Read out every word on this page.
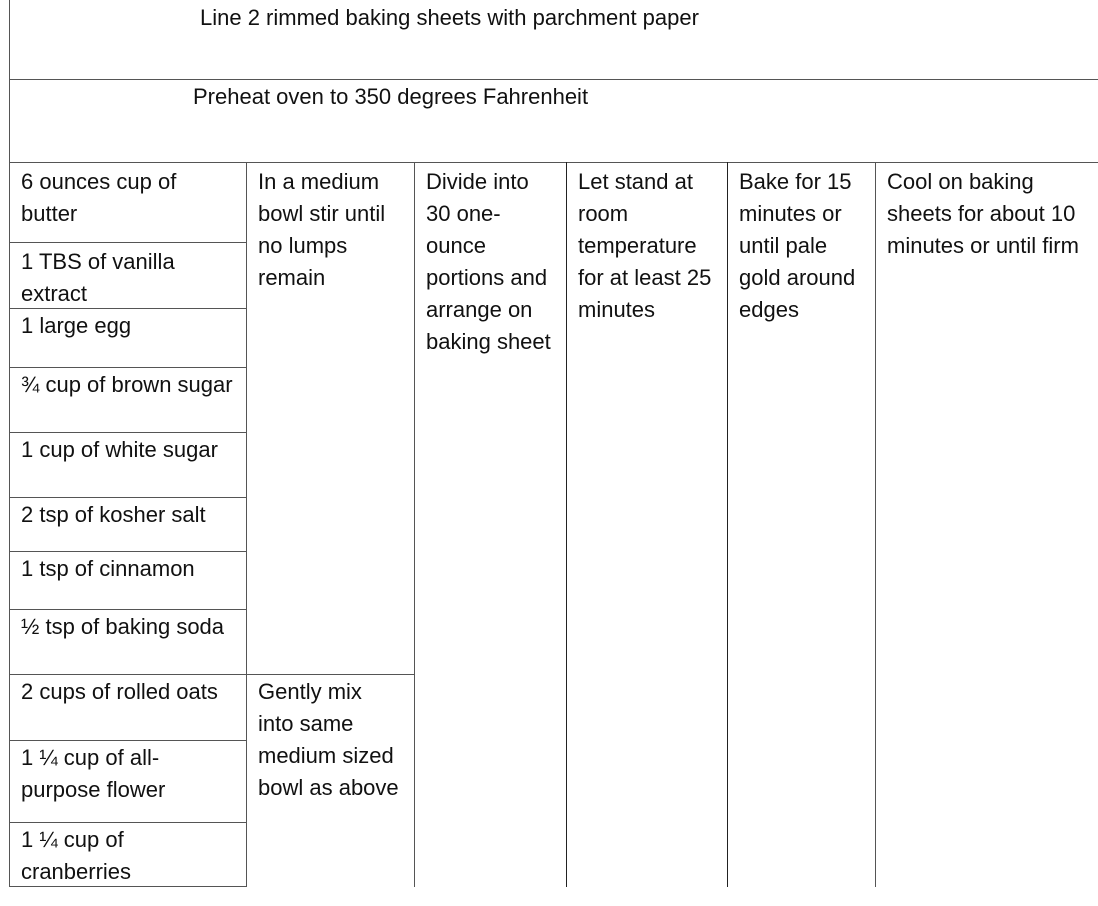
Line 2 rimmed baking sheets with parchment paper
Preheat oven to 350 degrees Fahrenheit
6 ounces cup of butter
1 TBS of vanilla extract
1 large egg
¾ cup of brown sugar
1 cup of white sugar
2 tsp of kosher salt
1 tsp of cinnamon
½ tsp of baking soda
2 cups of rolled oats
1 ¼ cup of all-purpose flower
1 ¼ cup of cranberries
In a medium bowl stir until no lumps remain
Gently mix into same medium sized bowl as above
Divide into 30 one-ounce portions and arrange on baking sheet
Let stand at room temperature for at least 25 minutes
Bake for 15 minutes or until pale gold around edges
Cool on baking sheets for about 10 minutes or until firm
